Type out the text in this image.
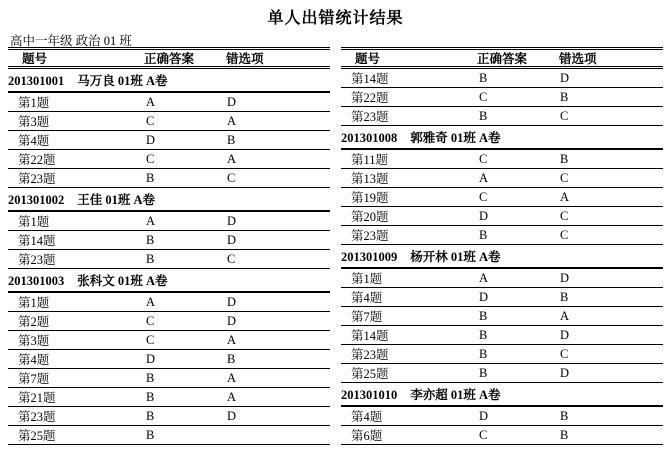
单人出错统计结果
高中一年级 政治 01 班
题号	正确答案	错选项
201301001 马万良 01班 A卷
第1题	A	D
第3题	C	A
第4题	D	B
第22题	C	A
第23题	B	C
201301002 王佳 01班 A卷
第1题	A	D
第14题	B	D
第23题	B	C
201301003 张科文 01班 A卷
第1题	A	D
第2题	C	D
第3题	C	A
第4题	D	B
第7题	B	A
第21题	B	A
第23题	B	D
第25题	B
题号	正确答案	错选项
第14题	B	D
第22题	C	B
第23题	B	C
201301008 郭雅奇 01班 A卷
第11题	C	B
第13题	A	C
第19题	C	A
第20题	D	C
第23题	B	C
201301009 杨开林 01班 A卷
第1题	A	D
第4题	D	B
第7题	B	A
第14题	B	D
第23题	B	C
第25题	B	D
201301010 李亦超 01班 A卷
第4题	D	B
第6题	C	B
